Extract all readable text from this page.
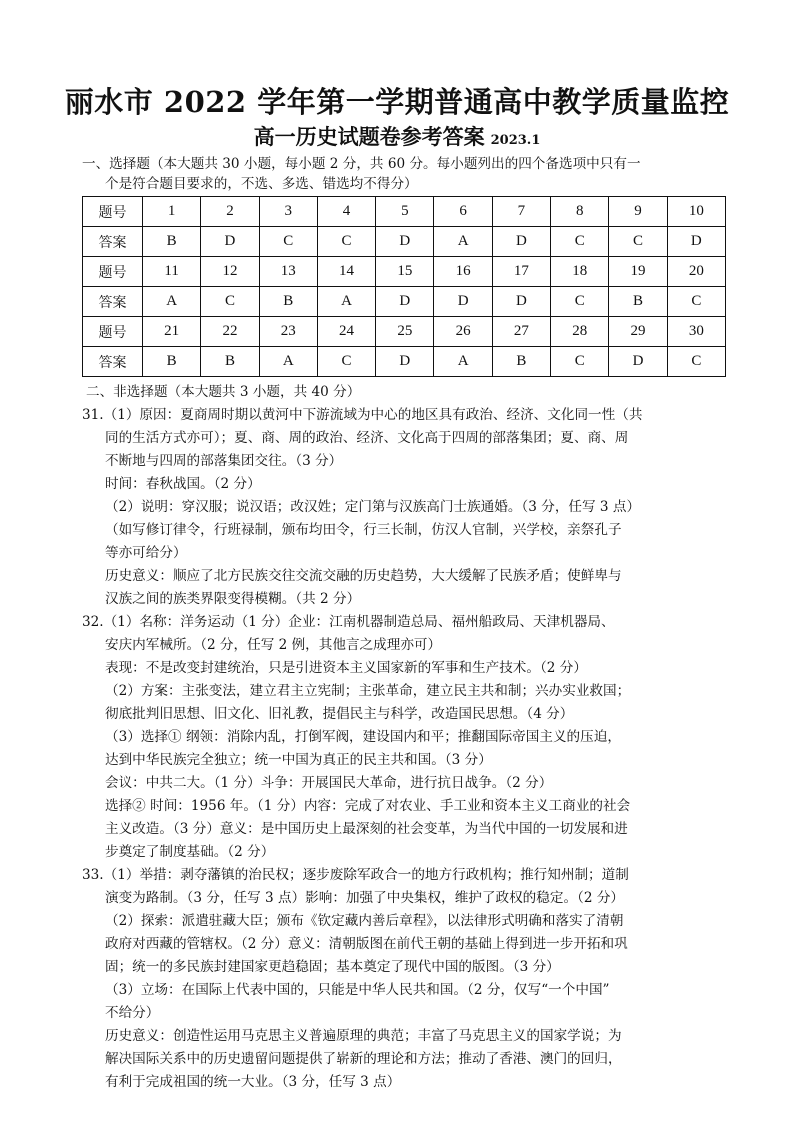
丽水市 2022 学年第一学期普通高中教学质量监控
高一历史试题卷参考答案 2023.1
一、选择题（本大题共 30 小题，每小题 2 分，共 60 分。每小题列出的四个备选项中只有一
个是符合题目要求的，不选、多选、错选均不得分）
题号	1	2	3	4	5	6	7	8	9	10
答案	B	D	C	C	D	A	D	C	C	D
题号	11	12	13	14	15	16	17	18	19	20
答案	A	C	B	A	D	D	D	C	B	C
题号	21	22	23	24	25	26	27	28	29	30
答案	B	B	A	C	D	A	B	C	D	C
二、非选择题（本大题共 3 小题，共 40 分）
31.（1）原因：夏商周时期以黄河中下游流域为中心的地区具有政治、经济、文化同一性（共
同的生活方式亦可）；夏、商、周的政治、经济、文化高于四周的部落集团；夏、商、周
不断地与四周的部落集团交往。（3 分）
时间：春秋战国。（2 分）
（2）说明：穿汉服；说汉语；改汉姓；定门第与汉族高门士族通婚。（3 分，任写 3 点）
（如写修订律令，行班禄制，颁布均田令，行三长制，仿汉人官制，兴学校，亲祭孔子
等亦可给分）
历史意义：顺应了北方民族交往交流交融的历史趋势，大大缓解了民族矛盾；使鲜卑与
汉族之间的族类界限变得模糊。（共 2 分）
32.（1）名称：洋务运动（1 分）企业：江南机器制造总局、福州船政局、天津机器局、
安庆内军械所。（2 分，任写 2 例，其他言之成理亦可）
表现：不是改变封建统治，只是引进资本主义国家新的军事和生产技术。（2 分）
（2）方案：主张变法，建立君主立宪制；主张革命，建立民主共和制；兴办实业救国；
彻底批判旧思想、旧文化、旧礼教，提倡民主与科学，改造国民思想。（4 分）
（3）选择① 纲领：消除内乱，打倒军阀，建设国内和平；推翻国际帝国主义的压迫，
达到中华民族完全独立；统一中国为真正的民主共和国。（3 分）
会议：中共二大。（1 分）斗争：开展国民大革命，进行抗日战争。（2 分）
选择② 时间：1956 年。（1 分）内容：完成了对农业、手工业和资本主义工商业的社会
主义改造。（3 分）意义：是中国历史上最深刻的社会变革，为当代中国的一切发展和进
步奠定了制度基础。（2 分）
33.（1）举措：剥夺藩镇的治民权；逐步废除军政合一的地方行政机构；推行知州制；道制
演变为路制。（3 分，任写 3 点）影响：加强了中央集权，维护了政权的稳定。（2 分）
（2）探索：派遣驻藏大臣；颁布《钦定藏内善后章程》，以法律形式明确和落实了清朝
政府对西藏的管辖权。（2 分）意义：清朝版图在前代王朝的基础上得到进一步开拓和巩
固；统一的多民族封建国家更趋稳固；基本奠定了现代中国的版图。（3 分）
（3）立场：在国际上代表中国的，只能是中华人民共和国。（2 分，仅写“一个中国”
不给分）
历史意义：创造性运用马克思主义普遍原理的典范；丰富了马克思主义的国家学说；为
解决国际关系中的历史遗留问题提供了崭新的理论和方法；推动了香港、澳门的回归，
有利于完成祖国的统一大业。（3 分，任写 3 点）
